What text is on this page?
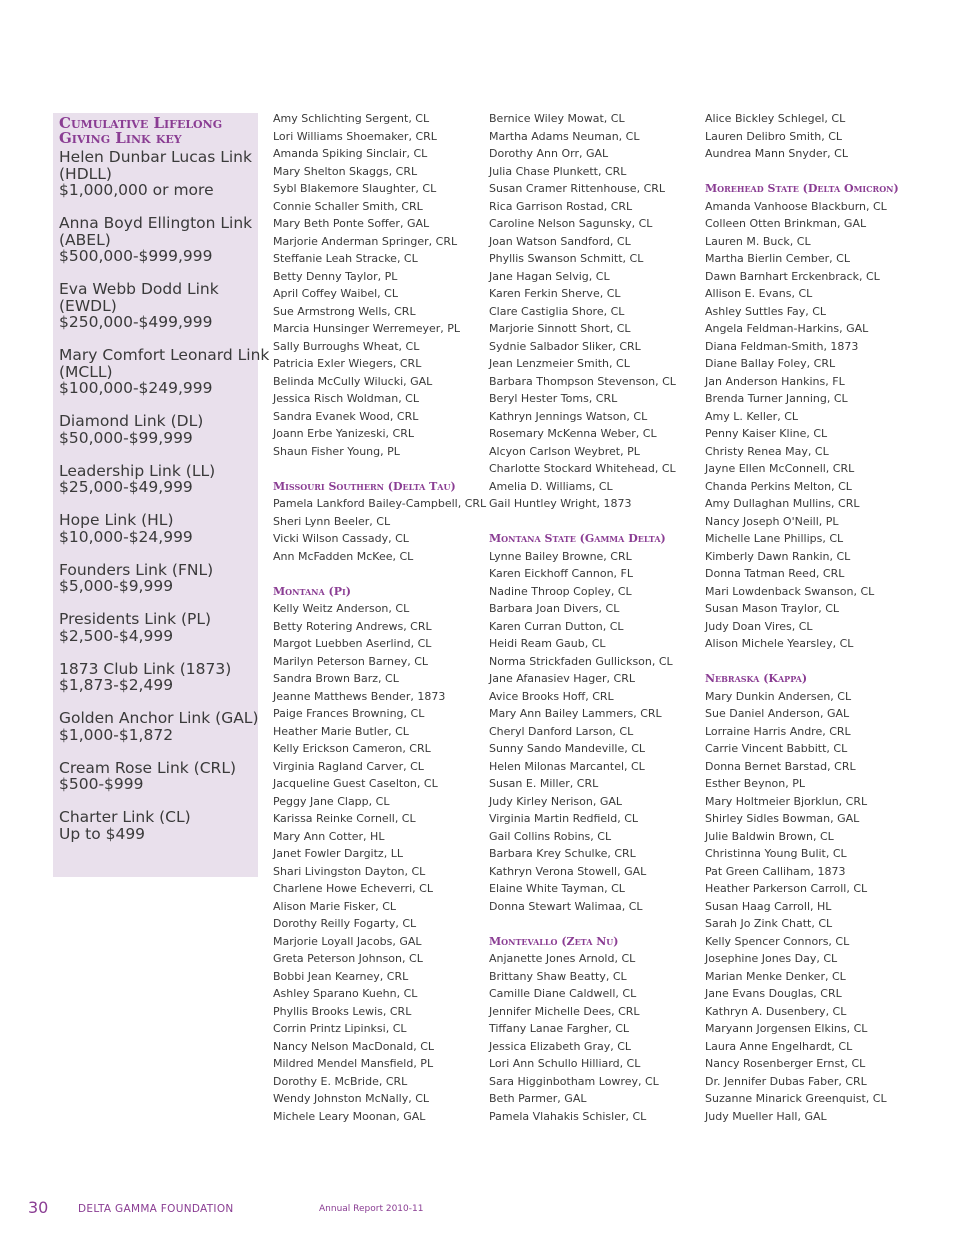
Cumulative Lifelong
Giving Link key
Helen Dunbar Lucas Link
(HDLL)
$1,000,000 or more
Anna Boyd Ellington Link
(ABEL)
$500,000-$999,999
Eva Webb Dodd Link
(EWDL)
$250,000-$499,999
Mary Comfort Leonard Link
(MCLL)
$100,000-$249,999
Diamond Link (DL)
$50,000-$99,999
Leadership Link (LL)
$25,000-$49,999
Hope Link (HL)
$10,000-$24,999
Founders Link (FNL)
$5,000-$9,999
Presidents Link (PL)
$2,500-$4,999
1873 Club Link (1873)
$1,873-$2,499
Golden Anchor Link (GAL)
$1,000-$1,872
Cream Rose Link (CRL)
$500-$999
Charter Link (CL)
Up to $499
Amy Schlichting Sergent, CL
Lori Williams Shoemaker, CRL
Amanda Spiking Sinclair, CL
Mary Shelton Skaggs, CRL
Sybl Blakemore Slaughter, CL
Connie Schaller Smith, CRL
Mary Beth Ponte Soffer, GAL
Marjorie Anderman Springer, CRL
Steffanie Leah Stracke, CL
Betty Denny Taylor, PL
April Coffey Waibel, CL
Sue Armstrong Wells, CRL
Marcia Hunsinger Werremeyer, PL
Sally Burroughs Wheat, CL
Patricia Exler Wiegers, CRL
Belinda McCully Wilucki, GAL
Jessica Risch Woldman, CL
Sandra Evanek Wood, CRL
Joann Erbe Yanizeski, CRL
Shaun Fisher Young, PL
Missouri Southern (Delta Tau)
Pamela Lankford Bailey-Campbell, CRL
Sheri Lynn Beeler, CL
Vicki Wilson Cassady, CL
Ann McFadden McKee, CL
Montana (Pi)
Kelly Weitz Anderson, CL
Betty Rotering Andrews, CRL
Margot Luebben Aserlind, CL
Marilyn Peterson Barney, CL
Sandra Brown Barz, CL
Jeanne Matthews Bender, 1873
Paige Frances Browning, CL
Heather Marie Butler, CL
Kelly Erickson Cameron, CRL
Virginia Ragland Carver, CL
Jacqueline Guest Caselton, CL
Peggy Jane Clapp, CL
Karissa Reinke Cornell, CL
Mary Ann Cotter, HL
Janet Fowler Dargitz, LL
Shari Livingston Dayton, CL
Charlene Howe Echeverri, CL
Alison Marie Fisker, CL
Dorothy Reilly Fogarty, CL
Marjorie Loyall Jacobs, GAL
Greta Peterson Johnson, CL
Bobbi Jean Kearney, CRL
Ashley Sparano Kuehn, CL
Phyllis Brooks Lewis, CRL
Corrin Printz Lipinksi, CL
Nancy Nelson MacDonald, CL
Mildred Mendel Mansfield, PL
Dorothy E. McBride, CRL
Wendy Johnston McNally, CL
Michele Leary Moonan, GAL
Bernice Wiley Mowat, CL
Martha Adams Neuman, CL
Dorothy Ann Orr, GAL
Julia Chase Plunkett, CRL
Susan Cramer Rittenhouse, CRL
Rica Garrison Rostad, CRL
Caroline Nelson Sagunsky, CL
Joan Watson Sandford, CL
Phyllis Swanson Schmitt, CL
Jane Hagan Selvig, CL
Karen Ferkin Sherve, CL
Clare Castiglia Shore, CL
Marjorie Sinnott Short, CL
Sydnie Salbador Sliker, CRL
Jean Lenzmeier Smith, CL
Barbara Thompson Stevenson, CL
Beryl Hester Toms, CRL
Kathryn Jennings Watson, CL
Rosemary McKenna Weber, CL
Alcyon Carlson Weybret, PL
Charlotte Stockard Whitehead, CL
Amelia D. Williams, CL
Gail Huntley Wright, 1873
Montana State (Gamma Delta)
Lynne Bailey Browne, CRL
Karen Eickhoff Cannon, FL
Nadine Throop Copley, CL
Barbara Joan Divers, CL
Karen Curran Dutton, CL
Heidi Ream Gaub, CL
Norma Strickfaden Gullickson, CL
Jane Afanasiev Hager, CRL
Avice Brooks Hoff, CRL
Mary Ann Bailey Lammers, CRL
Cheryl Danford Larson, CL
Sunny Sando Mandeville, CL
Helen Milonas Marcantel, CL
Susan E. Miller, CRL
Judy Kirley Nerison, GAL
Virginia Martin Redfield, CL
Gail Collins Robins, CL
Barbara Krey Schulke, CRL
Kathryn Verona Stowell, GAL
Elaine White Tayman, CL
Donna Stewart Walimaa, CL
Montevallo (Zeta Nu)
Anjanette Jones Arnold, CL
Brittany Shaw Beatty, CL
Camille Diane Caldwell, CL
Jennifer Michelle Dees, CRL
Tiffany Lanae Fargher, CL
Jessica Elizabeth Gray, CL
Lori Ann Schullo Hilliard, CL
Sara Higginbotham Lowrey, CL
Beth Parmer, GAL
Pamela Vlahakis Schisler, CL
Alice Bickley Schlegel, CL
Lauren Delibro Smith, CL
Aundrea Mann Snyder, CL
Morehead State (Delta Omicron)
Amanda Vanhoose Blackburn, CL
Colleen Otten Brinkman, GAL
Lauren M. Buck, CL
Martha Bierlin Cember, CL
Dawn Barnhart Erckenbrack, CL
Allison E. Evans, CL
Ashley Suttles Fay, CL
Angela Feldman-Harkins, GAL
Diana Feldman-Smith, 1873
Diane Ballay Foley, CRL
Jan Anderson Hankins, FL
Brenda Turner Janning, CL
Amy L. Keller, CL
Penny Kaiser Kline, CL
Christy Renea May, CL
Jayne Ellen McConnell, CRL
Chanda Perkins Melton, CL
Amy Dullaghan Mullins, CRL
Nancy Joseph O'Neill, PL
Michelle Lane Phillips, CL
Kimberly Dawn Rankin, CL
Donna Tatman Reed, CRL
Mari Lowdenback Swanson, CL
Susan Mason Traylor, CL
Judy Doan Vires, CL
Alison Michele Yearsley, CL
Nebraska (Kappa)
Mary Dunkin Andersen, CL
Sue Daniel Anderson, GAL
Lorraine Harris Andre, CRL
Carrie Vincent Babbitt, CL
Donna Bernet Barstad, CRL
Esther Beynon, PL
Mary Holtmeier Bjorklun, CRL
Shirley Sidles Bowman, GAL
Julie Baldwin Brown, CL
Christinna Young Bulit, CL
Pat Green Calliham, 1873
Heather Parkerson Carroll, CL
Susan Haag Carroll, HL
Sarah Jo Zink Chatt, CL
Kelly Spencer Connors, CL
Josephine Jones Day, CL
Marian Menke Denker, CL
Jane Evans Douglas, CRL
Kathryn A. Dusenbery, CL
Maryann Jorgensen Elkins, CL
Laura Anne Engelhardt, CL
Nancy Rosenberger Ernst, CL
Dr. Jennifer Dubas Faber, CRL
Suzanne Minarick Greenquist, CL
Judy Mueller Hall, GAL
30	DELTA GAMMA FOUNDATION	Annual Report 2010-11
